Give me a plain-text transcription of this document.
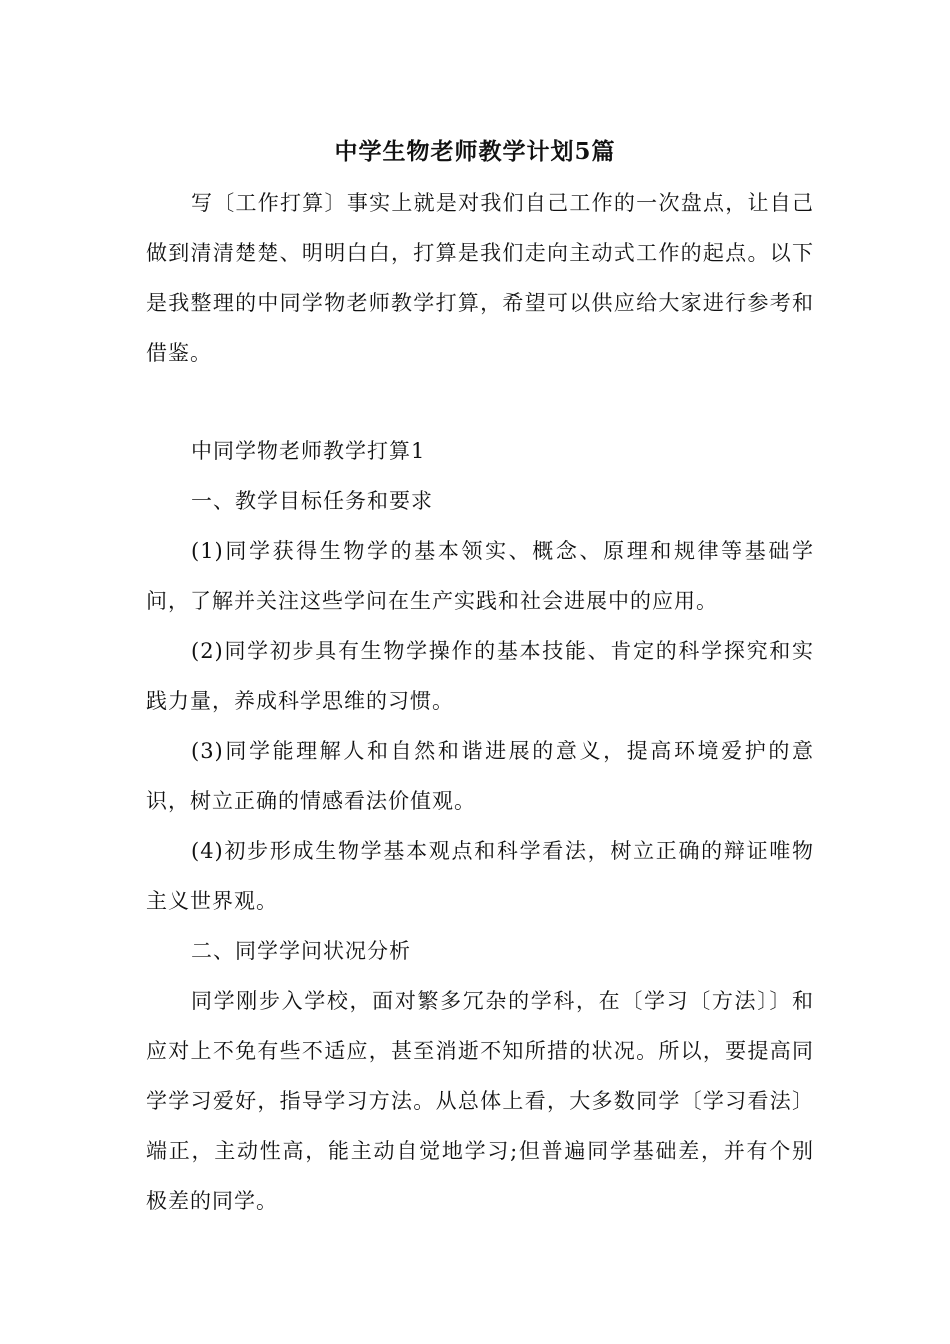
中学生物老师教学计划5篇

写〔工作打算〕事实上就是对我们自己工作的一次盘点，让自己做到清清楚楚、明明白白，打算是我们走向主动式工作的起点。以下是我整理的中同学物老师教学打算，希望可以供应给大家进行参考和借鉴。

中同学物老师教学打算1

一、教学目标任务和要求

(1)同学获得生物学的基本领实、概念、原理和规律等基础学问，了解并关注这些学问在生产实践和社会进展中的应用。

(2)同学初步具有生物学操作的基本技能、肯定的科学探究和实践力量，养成科学思维的习惯。

(3)同学能理解人和自然和谐进展的意义，提高环境爱护的意识，树立正确的情感看法价值观。

(4)初步形成生物学基本观点和科学看法，树立正确的辩证唯物主义世界观。

二、同学学问状况分析

同学刚步入学校，面对繁多冗杂的学科，在〔学习〔方法〕〕和应对上不免有些不适应，甚至消逝不知所措的状况。所以，要提高同学学习爱好，指导学习方法。从总体上看，大多数同学〔学习看法〕端正，主动性高，能主动自觉地学习;但普遍同学基础差，并有个别极差的同学。
